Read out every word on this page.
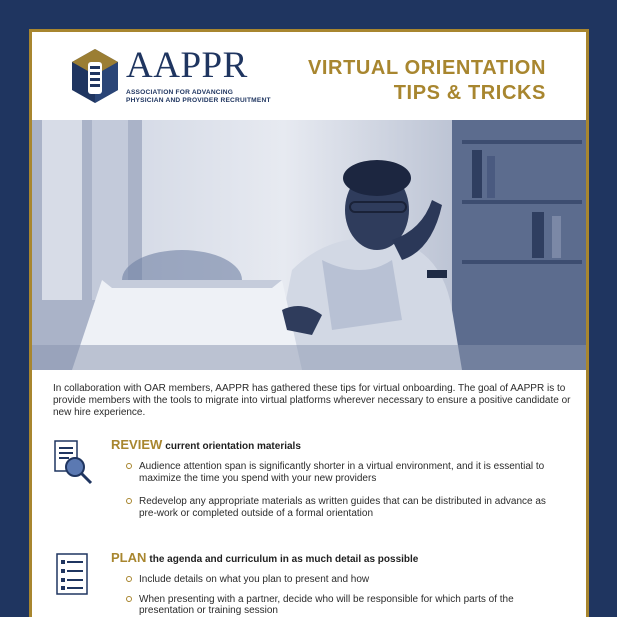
AAPPR
ASSOCIATION FOR ADVANCING
PHYSICIAN AND PROVIDER RECRUITMENT
VIRTUAL ORIENTATION
TIPS & TRICKS

In collaboration with OAR members, AAPPR has gathered these tips for virtual onboarding. The goal of AAPPR is to provide members with the tools to migrate into virtual platforms wherever necessary to ensure a positive candidate or new hire experience.

REVIEW current orientation materials
Audience attention span is significantly shorter in a virtual environment, and it is essential to maximize the time you spend with your new providers
Redevelop any appropriate materials as written guides that can be distributed in advance as pre-work or completed outside of a formal orientation
PLAN the agenda and curriculum in as much detail as possible
Include details on what you plan to present and how
When presenting with a partner, decide who will be responsible for which parts of the presentation or training session
